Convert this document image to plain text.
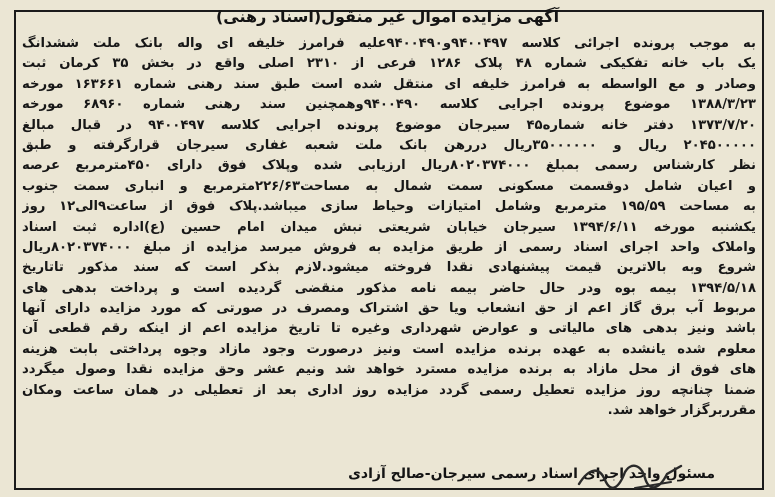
آگهی مزایده اموال غیر منقول(اسناد رهنی)
به موجب پرونده اجرائی کلاسه ۹۴۰۰۴۹۷و۹۴۰۰۴۹۰علیه فرامرز خلیفه ای واله بانک ملت ششدانگ
یک باب خانه تفکیکی شماره ۴۸ پلاک ۱۲۸۶ فرعی از ۲۳۱۰ اصلی واقع در بخش ۳۵ کرمان ثبت
وصادر و مع الواسطه به فرامرز خلیفه ای منتقل شده است طبق سند رهنی شماره ۱۶۳۶۶۱ مورخه
۱۳۸۸/۳/۲۳ موضوع پرونده اجرایی کلاسه ۹۴۰۰۴۹۰وهمچنین سند رهنی شماره ۶۸۹۶۰ مورخه
۱۳۷۳/۷/۲۰ دفتر خانه شماره۴۵ سیرجان موضوع پرونده اجرایی کلاسه ۹۴۰۰۴۹۷ در قبال مبالغ
۲۰۴۵۰۰۰۰۰ ریال و ۳۵۰۰۰۰۰۰ریال دررهن بانک ملت شعبه غفاری سیرجان قرارگرفته و طبق
نظر کارشناس رسمی بمبلغ ۸۰۲۰۳۷۴۰۰۰ریال ارزیابی شده وپلاک فوق دارای ۴۵۰مترمربع عرصه
و اعیان شامل دوقسمت مسکونی سمت شمال به مساحت۲۲۶/۶۳مترمربع و انباری سمت جنوب
به مساحت ۱۹۵/۵۹ مترمربع وشامل امتیازات وحیاط سازی میباشد.پلاک فوق از ساعت۹الی۱۲ روز
یکشنبه مورخه ۱۳۹۴/۶/۱۱ سیرجان خیابان شریعتی نبش میدان امام حسین (ع)اداره ثبت اسناد
واملاک واحد اجرای اسناد رسمی از طریق مزایده به فروش میرسد مزایده از مبلغ ۸۰۲۰۳۷۴۰۰۰ریال
شروع وبه بالاترین قیمت پیشنهادی نقدا فروخته میشود.لازم بذکر است که سند مذکور تاتاریخ
۱۳۹۴/۵/۱۸ بیمه بوه ودر حال حاضر بیمه نامه مذکور منقضی گردیده است و پرداخت بدهی های
مربوط آب برق گاز اعم از حق انشعاب ویا حق اشتراک ومصرف در صورتی که مورد مزایده دارای آنها
باشد ونیز بدهی های مالیاتی و عوارض شهرداری وغیره تا تاریخ مزایده اعم از اینکه رقم قطعی آن
معلوم شده یانشده به عهده برنده مزایده است ونیز درصورت وجود مازاد وجوه پرداختی بابت هزینه
های فوق از محل مازاد به برنده مزایده مسترد خواهد شد ونیم عشر وحق مزایده نقدا وصول میگردد
ضمنا چنانچه روز مزایده تعطیل رسمی گردد مزایده روز اداری بعد از تعطیلی در همان ساعت ومکان
مقرربرگزار خواهد شد.
مسئول واحد اجرای اسناد رسمی سیرجان-صالح آزادی
